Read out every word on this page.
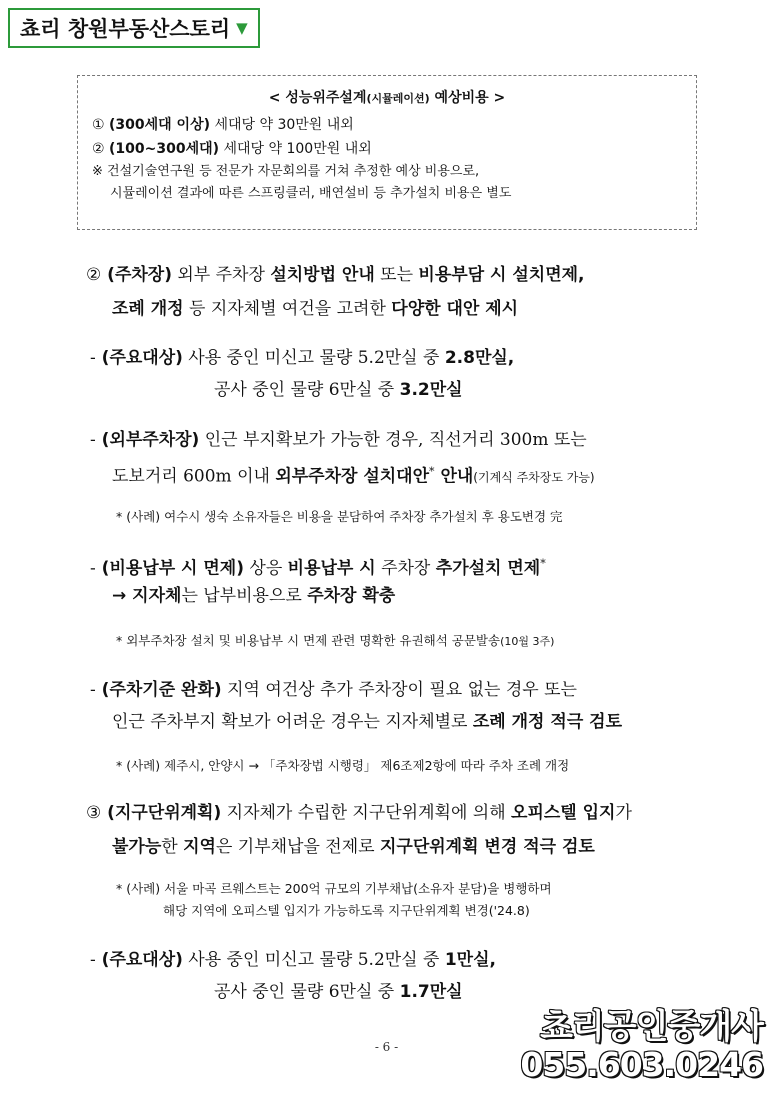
쵸리 창원부동산스토리 ▼
< 성능위주설계(시뮬레이션) 예상비용 >
① (300세대 이상) 세대당 약 30만원 내외
② (100~300세대) 세대당 약 100만원 내외
※ 건설기술연구원 등 전문가 자문회의를 거쳐 추정한 예상 비용으로,
시뮬레이션 결과에 따른 스프링클러, 배연설비 등 추가설치 비용은 별도
② (주차장) 외부 주차장 설치방법 안내 또는 비용부담 시 설치면제,
조례 개정 등 지자체별 여건을 고려한 다양한 대안 제시
- (주요대상) 사용 중인 미신고 물량 5.2만실 중 2.8만실,
공사 중인 물량 6만실 중 3.2만실
- (외부주차장) 인근 부지확보가 가능한 경우, 직선거리 300m 또는
도보거리 600m 이내 외부주차장 설치대안* 안내(기계식 주차장도 가능)
* (사례) 여수시 생숙 소유자들은 비용을 분담하여 주차장 추가설치 후 용도변경 完
- (비용납부 시 면제) 상응 비용납부 시 주차장 추가설치 면제*
→ 지자체는 납부비용으로 주차장 확충
* 외부주차장 설치 및 비용납부 시 면제 관련 명확한 유권해석 공문발송(10월 3주)
- (주차기준 완화) 지역 여건상 추가 주차장이 필요 없는 경우 또는
인근 주차부지 확보가 어려운 경우는 지자체별로 조례 개정 적극 검토
* (사례) 제주시, 안양시 → 「주차장법 시행령」 제6조제2항에 따라 주차 조례 개정
③ (지구단위계획) 지자체가 수립한 지구단위계획에 의해 오피스텔 입지가
불가능한 지역은 기부채납을 전제로 지구단위계획 변경 적극 검토
* (사례) 서울 마곡 르웨스트는 200억 규모의 기부채납(소유자 분담)을 병행하며
해당 지역에 오피스텔 입지가 가능하도록 지구단위계획 변경('24.8)
- (주요대상) 사용 중인 미신고 물량 5.2만실 중 1만실,
공사 중인 물량 6만실 중 1.7만실
- 6 -	쵸리공인중개사
055.603.0246
